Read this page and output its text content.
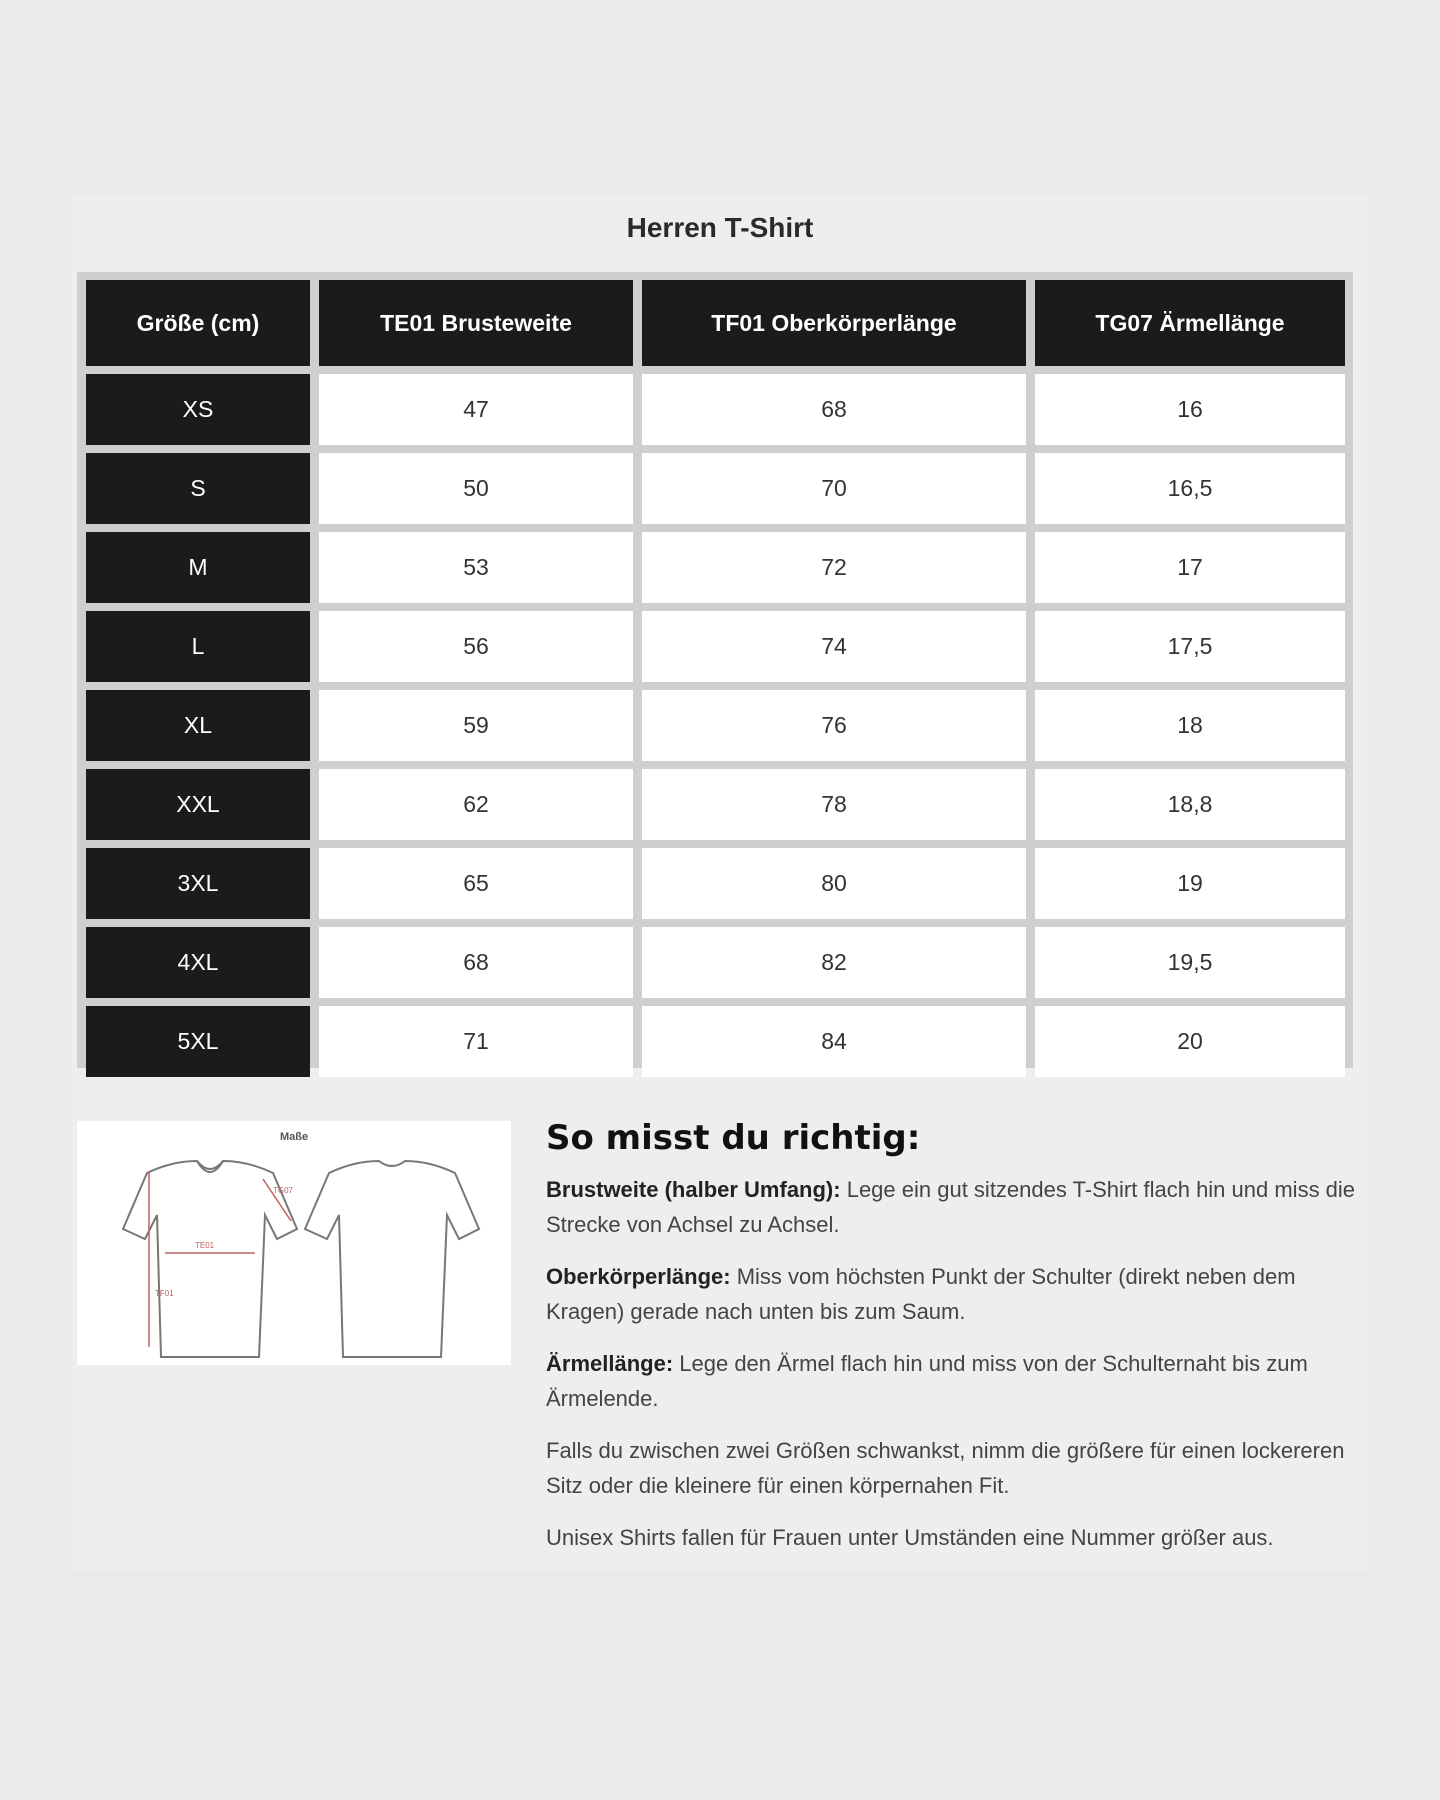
Herren T-Shirt
Größe (cm)	TE01 Brusteweite	TF01 Oberkörperlänge	TG07 Ärmellänge
XS	47	68	16
S	50	70	16,5
M	53	72	17
L	56	74	17,5
XL	59	76	18
XXL	62	78	18,8
3XL	65	80	19
4XL	68	82	19,5
5XL	71	84	20
Maße
TE01
TF01
TG07
So misst du richtig:

Brustweite (halber Umfang): Lege ein gut sitzendes T-Shirt flach hin und miss die Strecke von Achsel zu Achsel.

Oberkörperlänge: Miss vom höchsten Punkt der Schulter (direkt neben dem Kragen) gerade nach unten bis zum Saum.

Ärmellänge: Lege den Ärmel flach hin und miss von der Schulternaht bis zum Ärmelende.

Falls du zwischen zwei Größen schwankst, nimm die größere für einen lockereren Sitz oder die kleinere für einen körpernahen Fit.

Unisex Shirts fallen für Frauen unter Umständen eine Nummer größer aus.
